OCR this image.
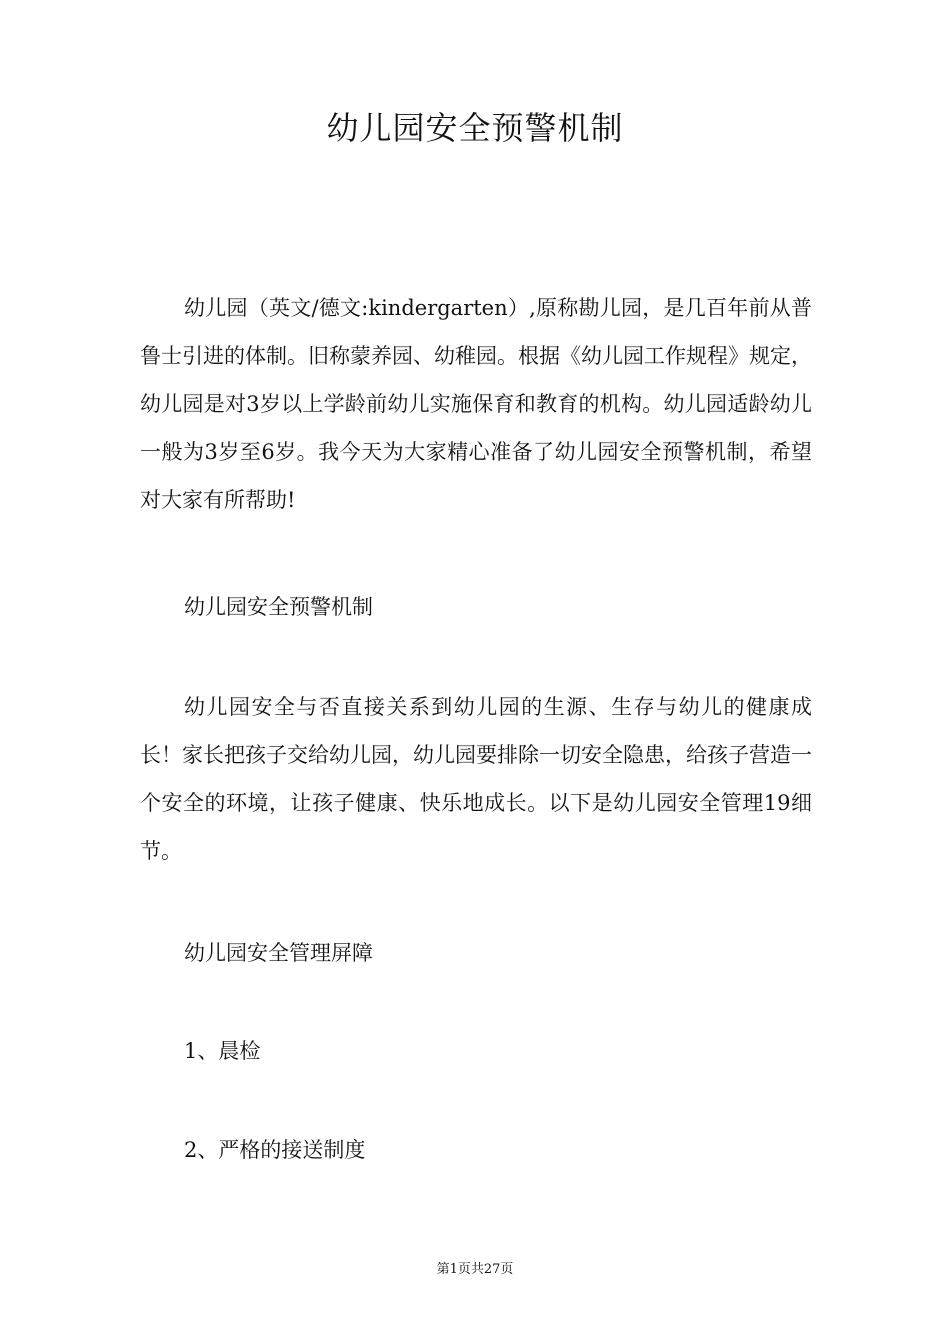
幼儿园安全预警机制

幼儿园（英文/德文:kindergarten）,原称勘儿园，是几百年前从普鲁士引进的体制。旧称蒙养园、幼稚园。根据《幼儿园工作规程》规定，幼儿园是对3岁以上学龄前幼儿实施保育和教育的机构。幼儿园适龄幼儿一般为3岁至6岁。我今天为大家精心准备了幼儿园安全预警机制，希望对大家有所帮助!

幼儿园安全预警机制

幼儿园安全与否直接关系到幼儿园的生源、生存与幼儿的健康成长！家长把孩子交给幼儿园，幼儿园要排除一切安全隐患，给孩子营造一个安全的环境，让孩子健康、快乐地成长。以下是幼儿园安全管理19细节。

幼儿园安全管理屏障

1、晨检

2、严格的接送制度

第1页共27页
